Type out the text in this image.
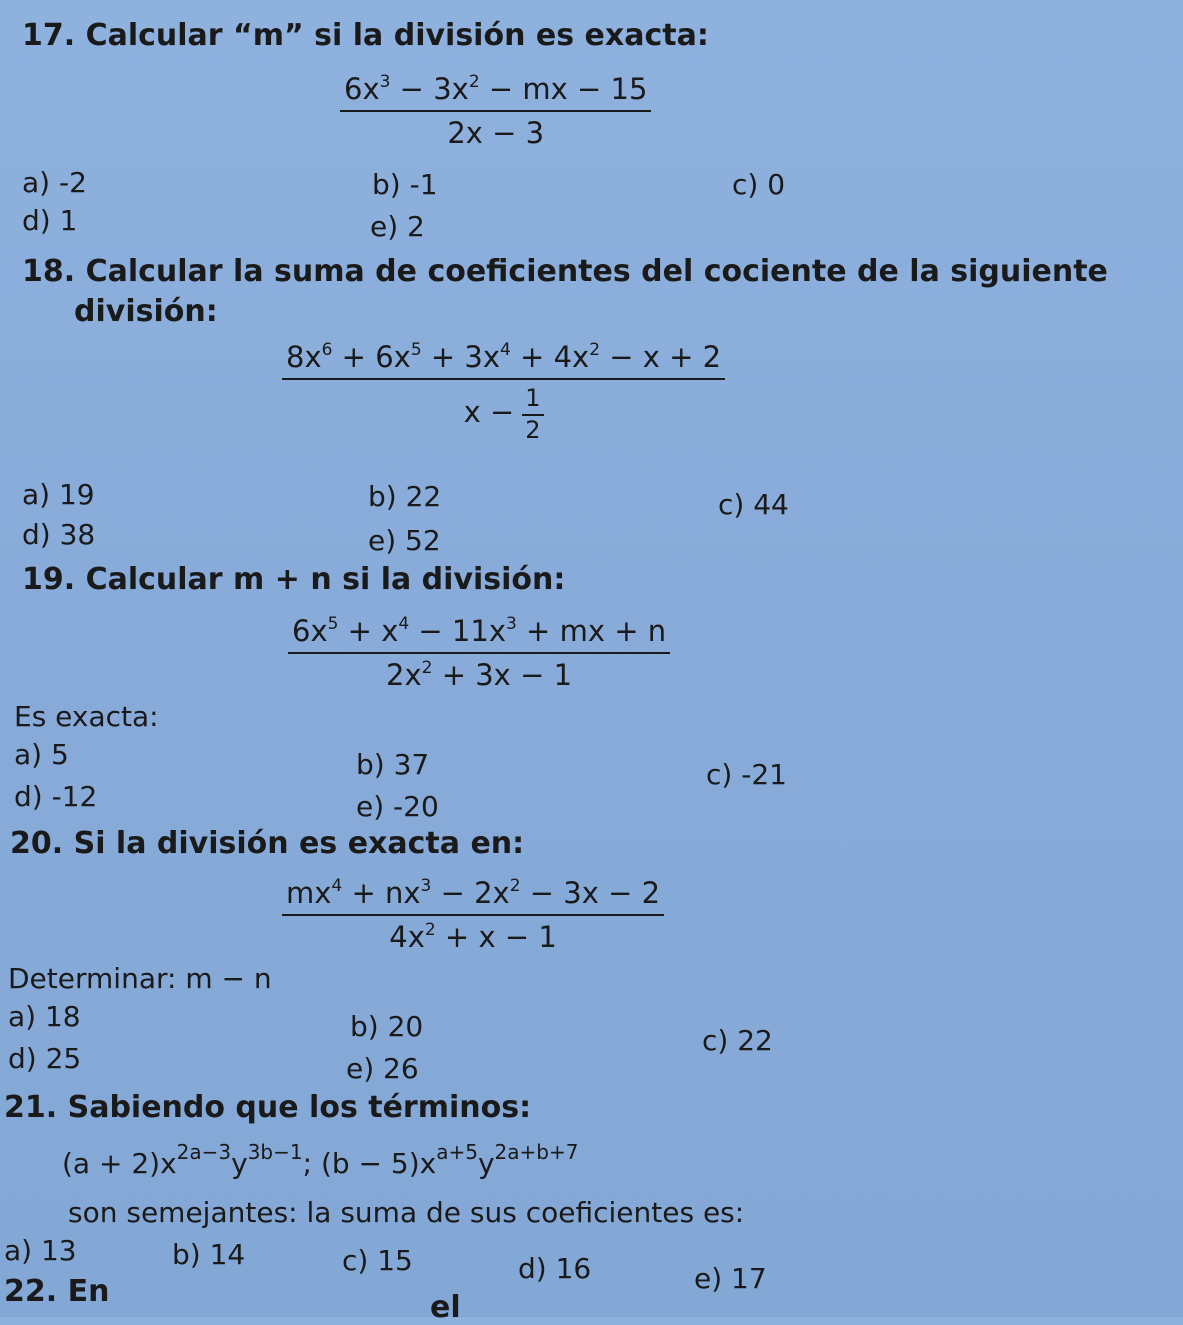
17. Calcular “m” si la división es exacta:
$\frac{6x^3 - 3x^2 - mx - 15}{2x - 3}$
a) -2	b) -1	c) 0
d) 1	e) 2
18. Calcular la suma de coeficientes del cociente de la siguiente
división:
$\frac{8x^6 + 6x^5 + 3x^4 + 4x^2 - x + 2}{x - \frac{1}{2}}$
a) 19	b) 22	c) 44
d) 38	e) 52
19. Calcular m + n si la división:
$\frac{6x^5 + x^4 - 11x^3 + mx + n}{2x^2 + 3x - 1}$
Es exacta:
a) 5	b) 37	c) -21
d) -12	e) -20
20. Si la división es exacta en:
$\frac{mx^4 + nx^3 - 2x^2 - 3x - 2}{4x^2 + x - 1}$
Determinar: m − n
a) 18	b) 20	c) 22
d) 25	e) 26
21. Sabiendo que los términos:
$(a + 2)x^{2a-3}y^{3b-1}$; $(b - 5)x^{a+5}y^{2a+b+7}$
son semejantes: la suma de sus coeficientes es:
a) 13	b) 14	c) 15	d) 16	e) 17
22. En	el
